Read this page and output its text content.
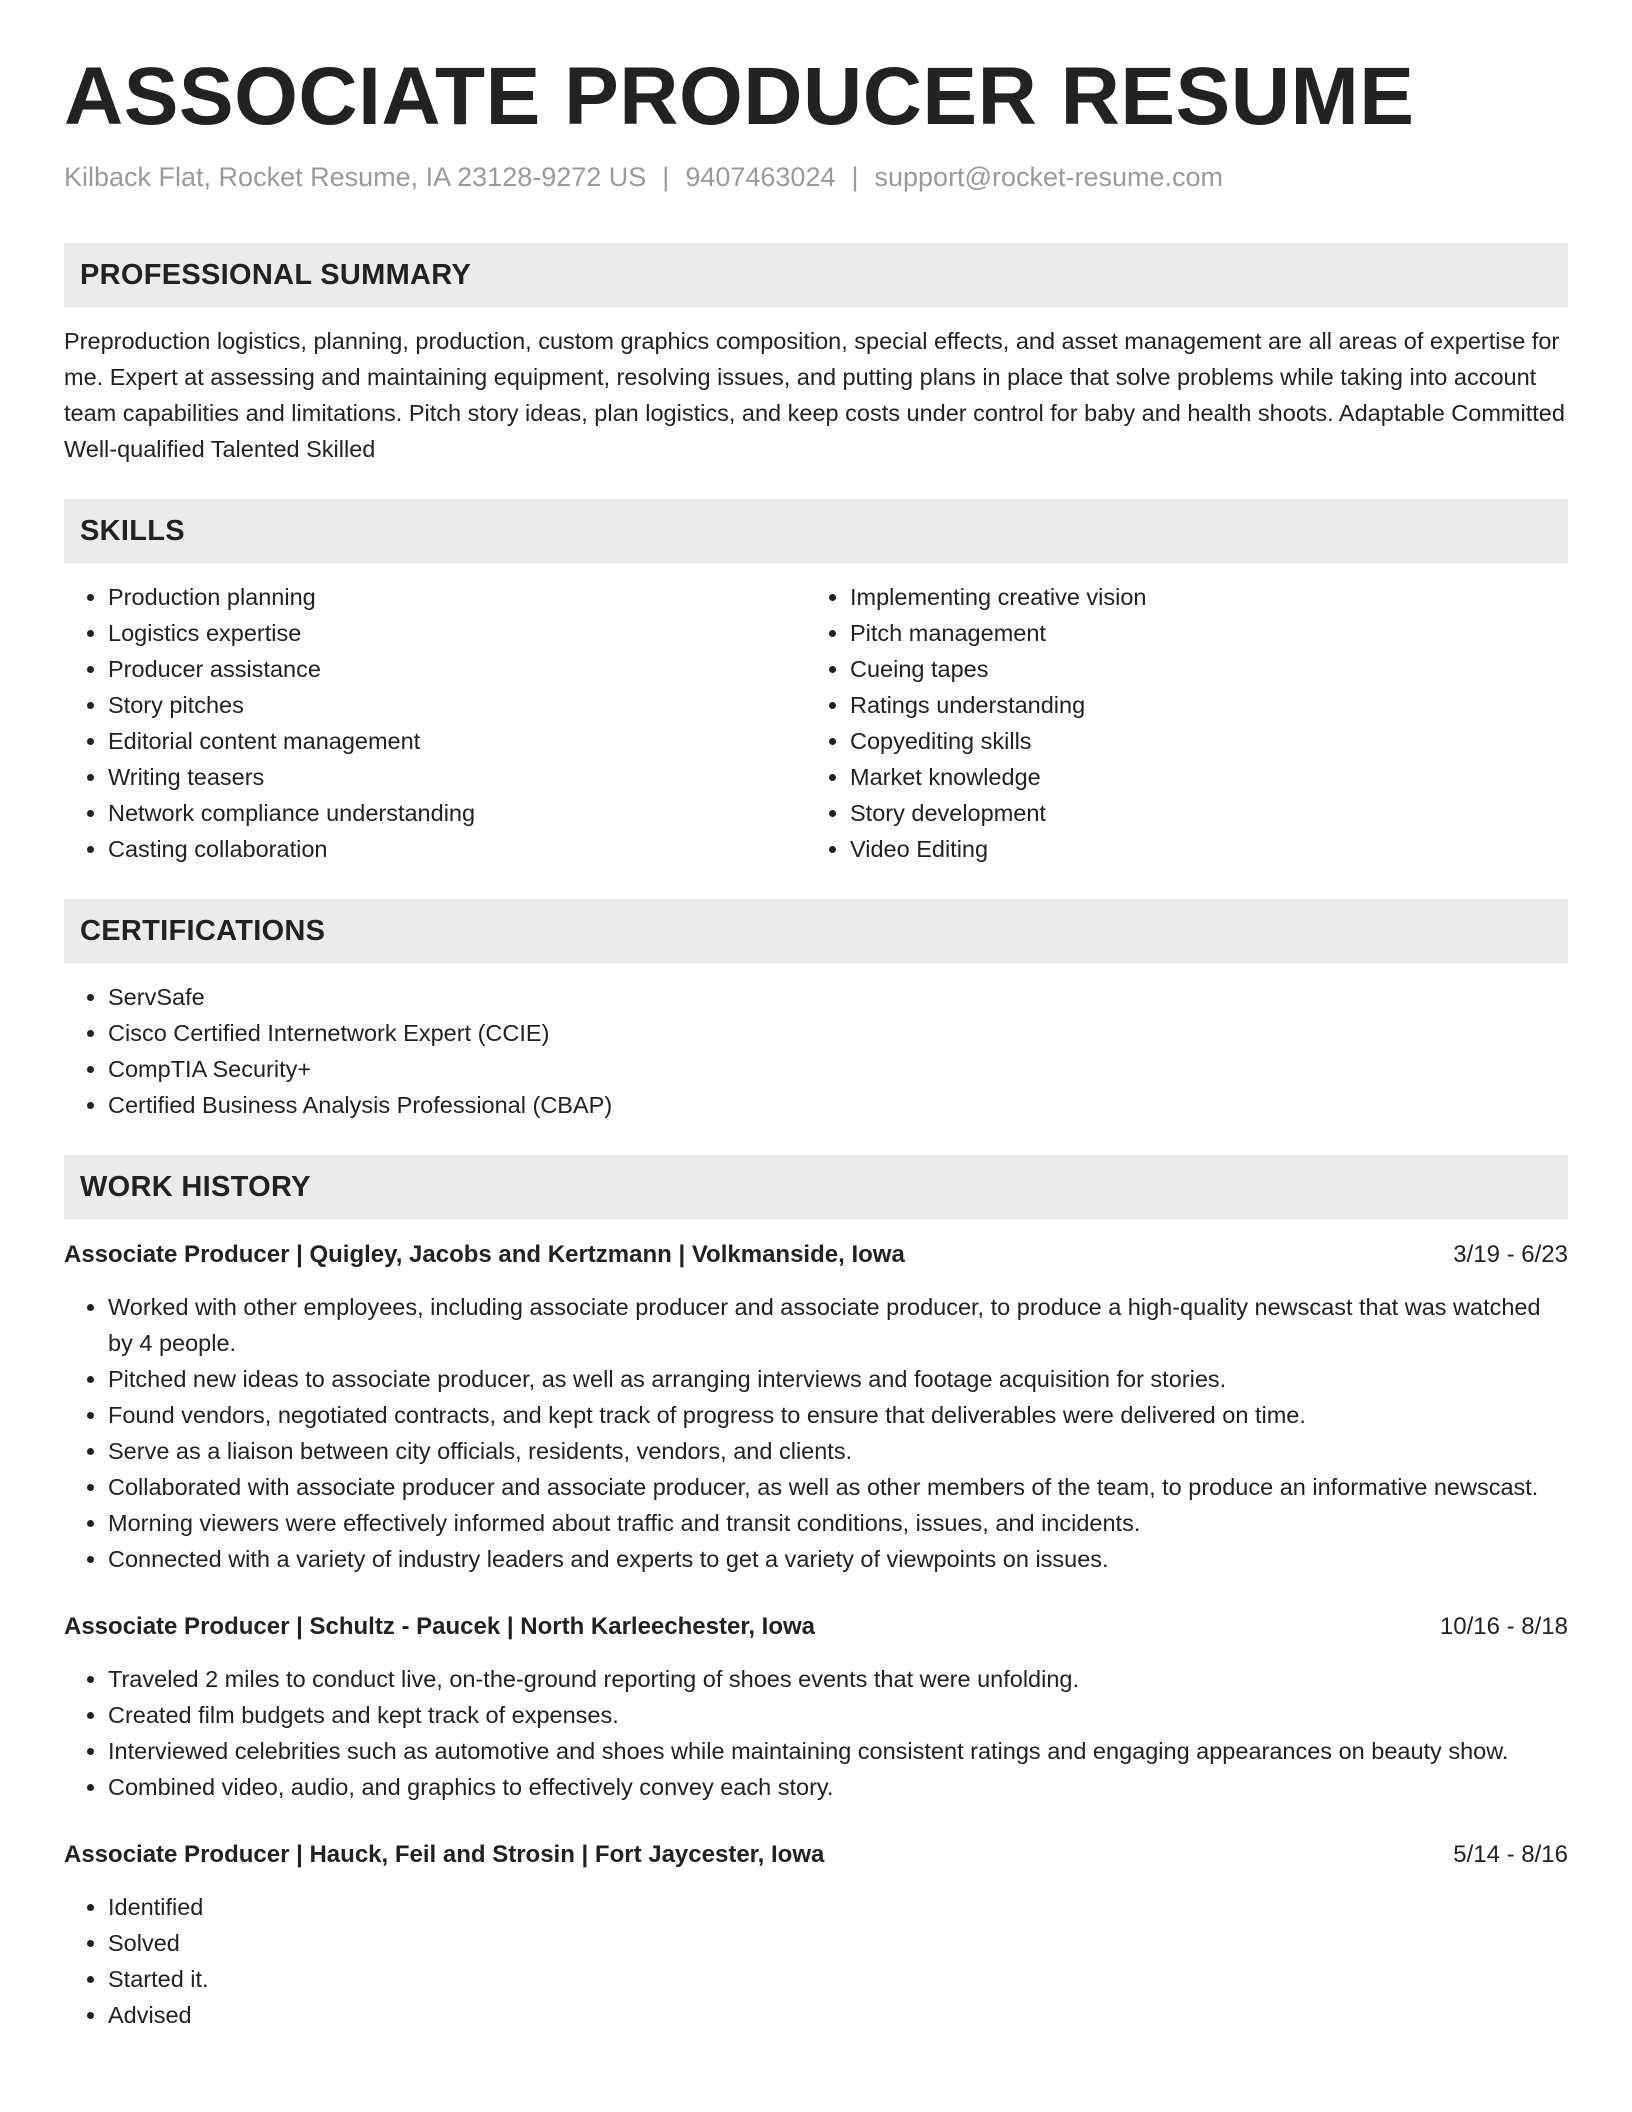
ASSOCIATE PRODUCER RESUME
Kilback Flat, Rocket Resume, IA 23128-9272 US | 9407463024 | support@rocket-resume.com
PROFESSIONAL SUMMARY
Preproduction logistics, planning, production, custom graphics composition, special effects, and asset management are all areas of expertise for me. Expert at assessing and maintaining equipment, resolving issues, and putting plans in place that solve problems while taking into account team capabilities and limitations. Pitch story ideas, plan logistics, and keep costs under control for baby and health shoots. Adaptable Committed Well-qualified Talented Skilled
SKILLS
• Production planning
• Logistics expertise
• Producer assistance
• Story pitches
• Editorial content management
• Writing teasers
• Network compliance understanding
• Casting collaboration
• Implementing creative vision
• Pitch management
• Cueing tapes
• Ratings understanding
• Copyediting skills
• Market knowledge
• Story development
• Video Editing
CERTIFICATIONS
• ServSafe
• Cisco Certified Internetwork Expert (CCIE)
• CompTIA Security+
• Certified Business Analysis Professional (CBAP)
WORK HISTORY
Associate Producer | Quigley, Jacobs and Kertzmann | Volkmanside, Iowa	3/19 - 6/23
• Worked with other employees, including associate producer and associate producer, to produce a high-quality newscast that was watched by 4 people.
• Pitched new ideas to associate producer, as well as arranging interviews and footage acquisition for stories.
• Found vendors, negotiated contracts, and kept track of progress to ensure that deliverables were delivered on time.
• Serve as a liaison between city officials, residents, vendors, and clients.
• Collaborated with associate producer and associate producer, as well as other members of the team, to produce an informative newscast.
• Morning viewers were effectively informed about traffic and transit conditions, issues, and incidents.
• Connected with a variety of industry leaders and experts to get a variety of viewpoints on issues.
Associate Producer | Schultz - Paucek | North Karleechester, Iowa	10/16 - 8/18
• Traveled 2 miles to conduct live, on-the-ground reporting of shoes events that were unfolding.
• Created film budgets and kept track of expenses.
• Interviewed celebrities such as automotive and shoes while maintaining consistent ratings and engaging appearances on beauty show.
• Combined video, audio, and graphics to effectively convey each story.
Associate Producer | Hauck, Feil and Strosin | Fort Jaycester, Iowa	5/14 - 8/16
• Identified
• Solved
• Started it.
• Advised
